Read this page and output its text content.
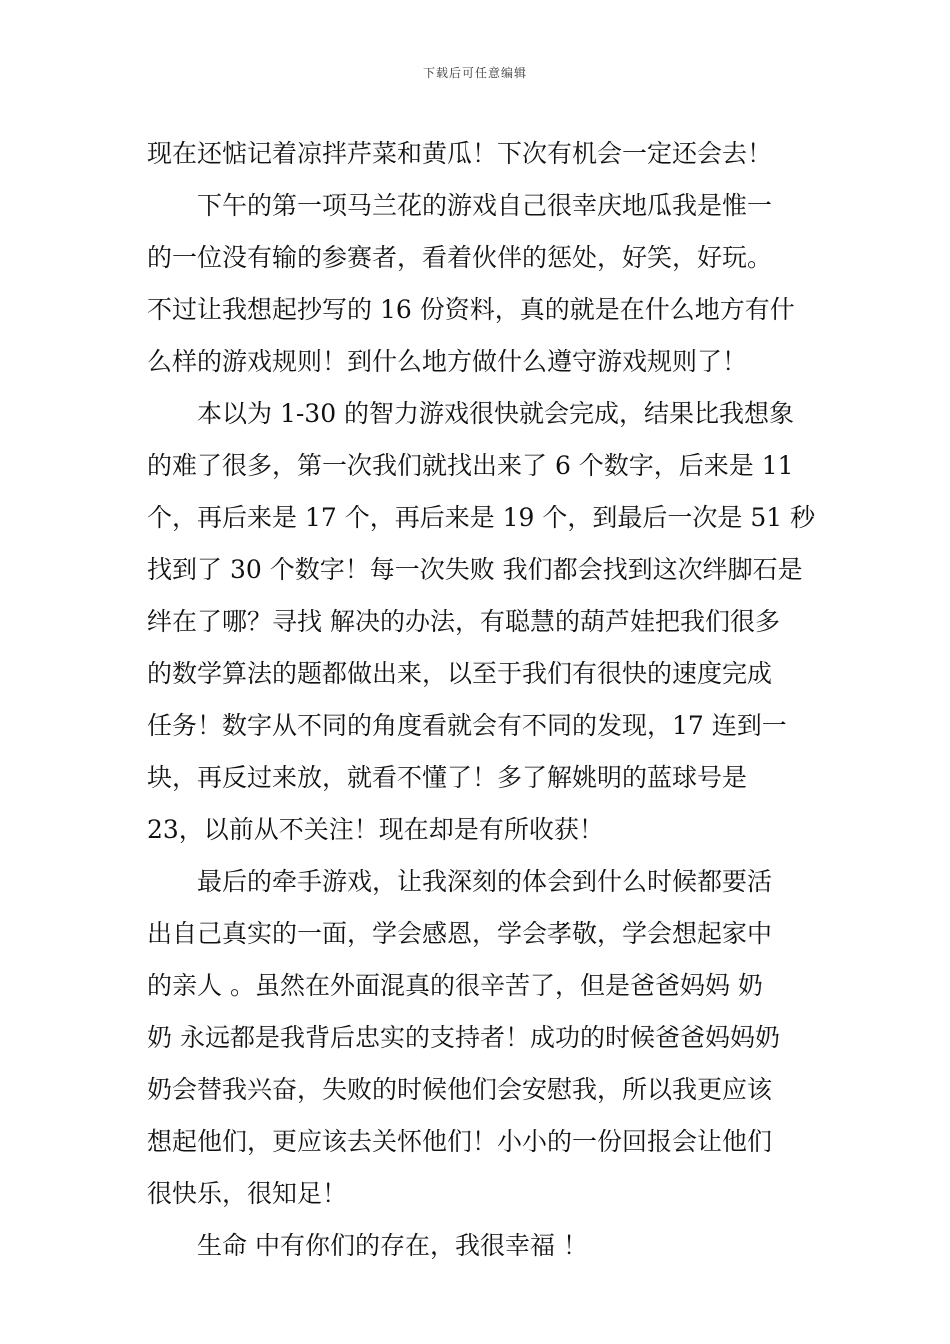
下载后可任意编辑
现在还惦记着凉拌芹菜和黄瓜！下次有机会一定还会去！
下午的第一项马兰花的游戏自己很幸庆地瓜我是惟一
的一位没有输的参赛者，看着伙伴的惩处，好笑，好玩。
不过让我想起抄写的 16 份资料，真的就是在什么地方有什
么样的游戏规则！到什么地方做什么遵守游戏规则了！
本以为 1-30 的智力游戏很快就会完成，结果比我想象
的难了很多，第一次我们就找出来了 6 个数字，后来是 11
个，再后来是 17 个，再后来是 19 个，到最后一次是 51 秒
找到了 30 个数字！每一次失败 我们都会找到这次绊脚石是
绊在了哪？寻找 解决的办法，有聪慧的葫芦娃把我们很多
的数学算法的题都做出来，以至于我们有很快的速度完成
任务！数字从不同的角度看就会有不同的发现，17 连到一
块，再反过来放，就看不懂了！多了解姚明的蓝球号是
23，以前从不关注！现在却是有所收获！
最后的牵手游戏，让我深刻的体会到什么时候都要活
出自己真实的一面，学会感恩，学会孝敬，学会想起家中
的亲人 。虽然在外面混真的很辛苦了，但是爸爸妈妈 奶
奶 永远都是我背后忠实的支持者！成功的时候爸爸妈妈奶
奶会替我兴奋，失败的时候他们会安慰我，所以我更应该
想起他们，更应该去关怀他们！小小的一份回报会让他们
很快乐，很知足！
生命 中有你们的存在，我很幸福 ！
